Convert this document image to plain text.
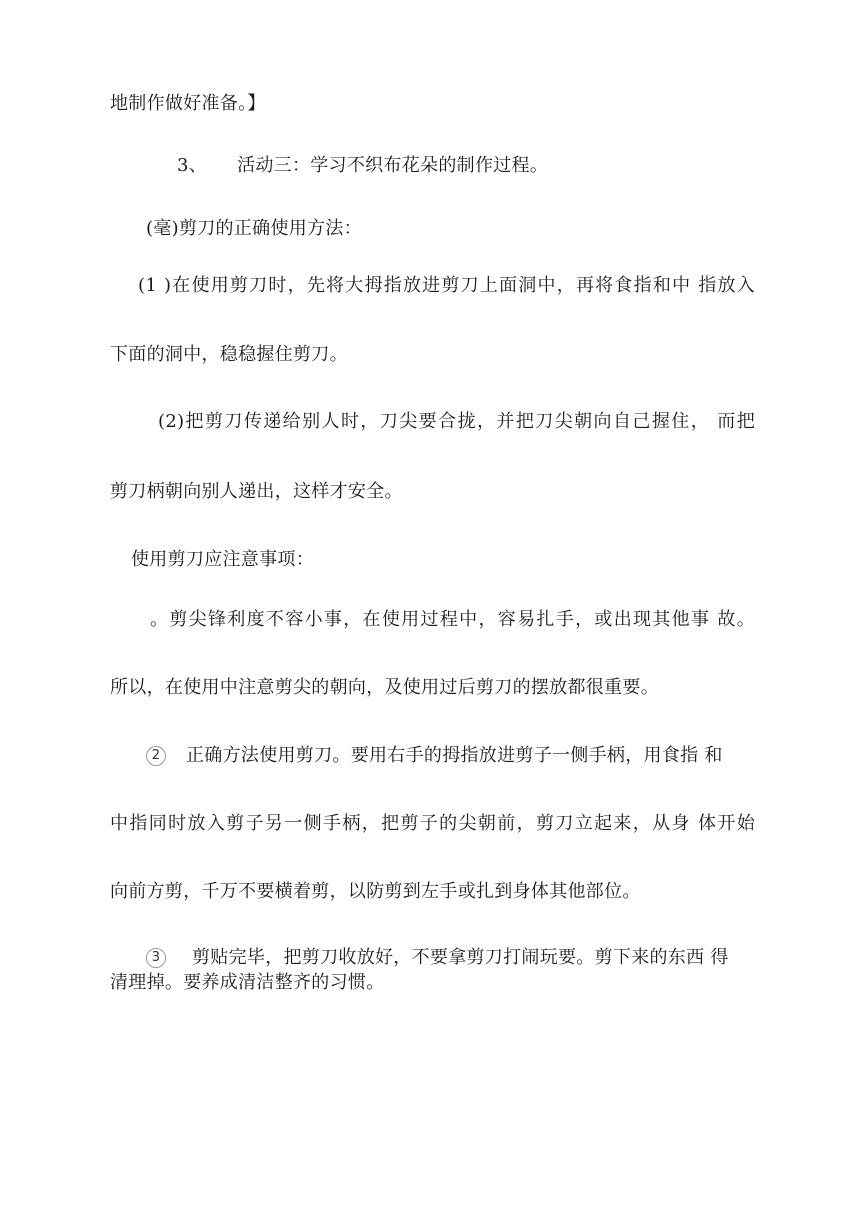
地制作做好准备。】
3、 活动三：学习不织布花朵的制作过程。
(毫)剪刀的正确使用方法：
(1 )在使用剪刀时，先将大拇指放进剪刀上面洞中，再将食指和中 指放入
下面的洞中，稳稳握住剪刀。
(2)把剪刀传递给别人时，刀尖要合拢，并把刀尖朝向自己握住， 而把
剪刀柄朝向别人递出，这样才安全。
使用剪刀应注意事项：
。剪尖锋利度不容小事，在使用过程中，容易扎手，或出现其他事 故。
所以，在使用中注意剪尖的朝向，及使用过后剪刀的摆放都很重要。
2 正确方法使用剪刀。要用右手的拇指放进剪子一侧手柄，用食指 和
中指同时放入剪子另一侧手柄，把剪子的尖朝前，剪刀立起来，从身 体开始
向前方剪，千万不要横着剪，以防剪到左手或扎到身体其他部位。
3 剪贴完毕，把剪刀收放好，不要拿剪刀打闹玩要。剪下来的东西 得
清理掉。要养成清洁整齐的习惯。
